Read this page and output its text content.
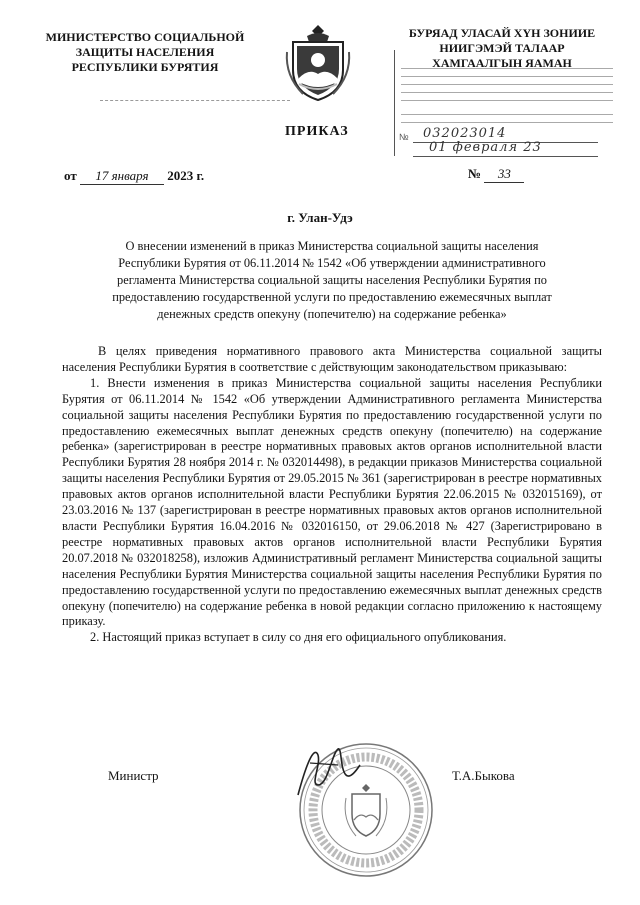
МИНИСТЕРСТВО СОЦИАЛЬНОЙ
ЗАЩИТЫ НАСЕЛЕНИЯ
РЕСПУБЛИКИ БУРЯТИЯ
БУРЯАД УЛАСАЙ ХҮН ЗОНИИЕ
НИИГЭМЭЙ ТАЛААР
ХАМГААЛГЫН ЯАМАН
№ 032023014
01 февраля 23
ПРИКАЗ
от 17 января 2023 г.	№ 33
г. Улан-Удэ
О внесении изменений в приказ Министерства социальной защиты населения
Республики Бурятия от 06.11.2014 № 1542 «Об утверждении административного
регламента Министерства социальной защиты населения Республики Бурятия по
предоставлению государственной услуги по предоставлению ежемесячных выплат
денежных средств опекуну (попечителю) на содержание ребенка»

В целях приведения нормативного правового акта Министерства социальной защиты населения Республики Бурятия в соответствие с действующим законодательством приказываю:

1. Внести изменения в приказ Министерства социальной защиты населения Республики Бурятия от 06.11.2014 № 1542 «Об утверждении Административного регламента Министерства социальной защиты населения Республики Бурятия по предоставлению государственной услуги по предоставлению ежемесячных выплат денежных средств опекуну (попечителю) на содержание ребенка» (зарегистрирован в реестре нормативных правовых актов органов исполнительной власти Республики Бурятия 28 ноября 2014 г. № 032014498), в редакции приказов Министерства социальной защиты населения Республики Бурятия от 29.05.2015 № 361 (зарегистрирован в реестре нормативных правовых актов органов исполнительной власти Республики Бурятия 22.06.2015 № 032015169), от 23.03.2016 № 137 (зарегистрирован в реестре нормативных правовых актов органов исполнительной власти Республики Бурятия 16.04.2016 № 032016150, от 29.06.2018 № 427 (Зарегистрировано в реестре нормативных правовых актов органов исполнительной власти Республики Бурятия 20.07.2018 № 032018258), изложив Административный регламент Министерства социальной защиты населения Республики Бурятия Министерства социальной защиты населения Республики Бурятия по предоставлению государственной услуги по предоставлению ежемесячных выплат денежных средств опекуну (попечителю) на содержание ребенка в новой редакции согласно приложению к настоящему приказу.

2. Настоящий приказ вступает в силу со дня его официального опубликования.

Министр	Т.А.Быкова
